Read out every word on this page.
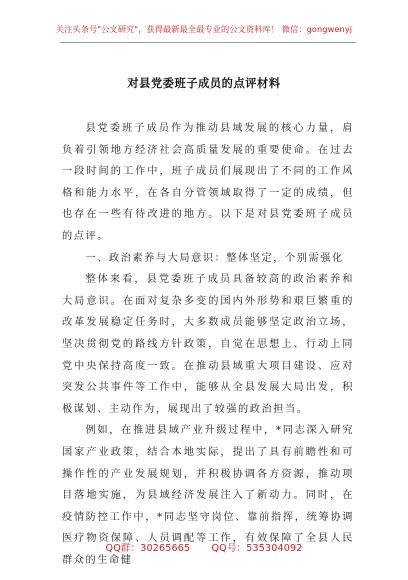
关注头条号"公文研究"，获得最新最全最专业的公文资料库！ 微信：gongwenyj
对县党委班子成员的点评材料

县党委班子成员作为推动县域发展的核心力量，肩负着引领地方经济社会高质量发展的重要使命。在过去一段时间的工作中，班子成员们展现出了不同的工作风格和能力水平，在各自分管领域取得了一定的成绩，但也存在一些有待改进的地方。以下是对县党委班子成员的点评。

一、政治素养与大局意识：整体坚定，个别需强化

整体来看，县党委班子成员具备较高的政治素养和大局意识。在面对复杂多变的国内外形势和艰巨繁重的改革发展稳定任务时，大多数成员能够坚定政治立场，坚决贯彻党的路线方针政策，自觉在思想上、行动上同党中央保持高度一致。在推动县域重大项目建设、应对突发公共事件等工作中，能够从全县发展大局出发，积极谋划、主动作为，展现出了较强的政治担当。

例如，在推进县域产业升级过程中，*同志深入研究国家产业政策，结合本地实际，提出了具有前瞻性和可操作性的产业发展规划，并积极协调各方资源，推动项目落地实施，为县域经济发展注入了新动力。同时，在疫情防控工作中，*同志坚守岗位、靠前指挥，统筹协调医疗物资保障、人员调配等工作，有效保障了全县人民群众的生命健

QQ群：30265665 QQ号：535304092
